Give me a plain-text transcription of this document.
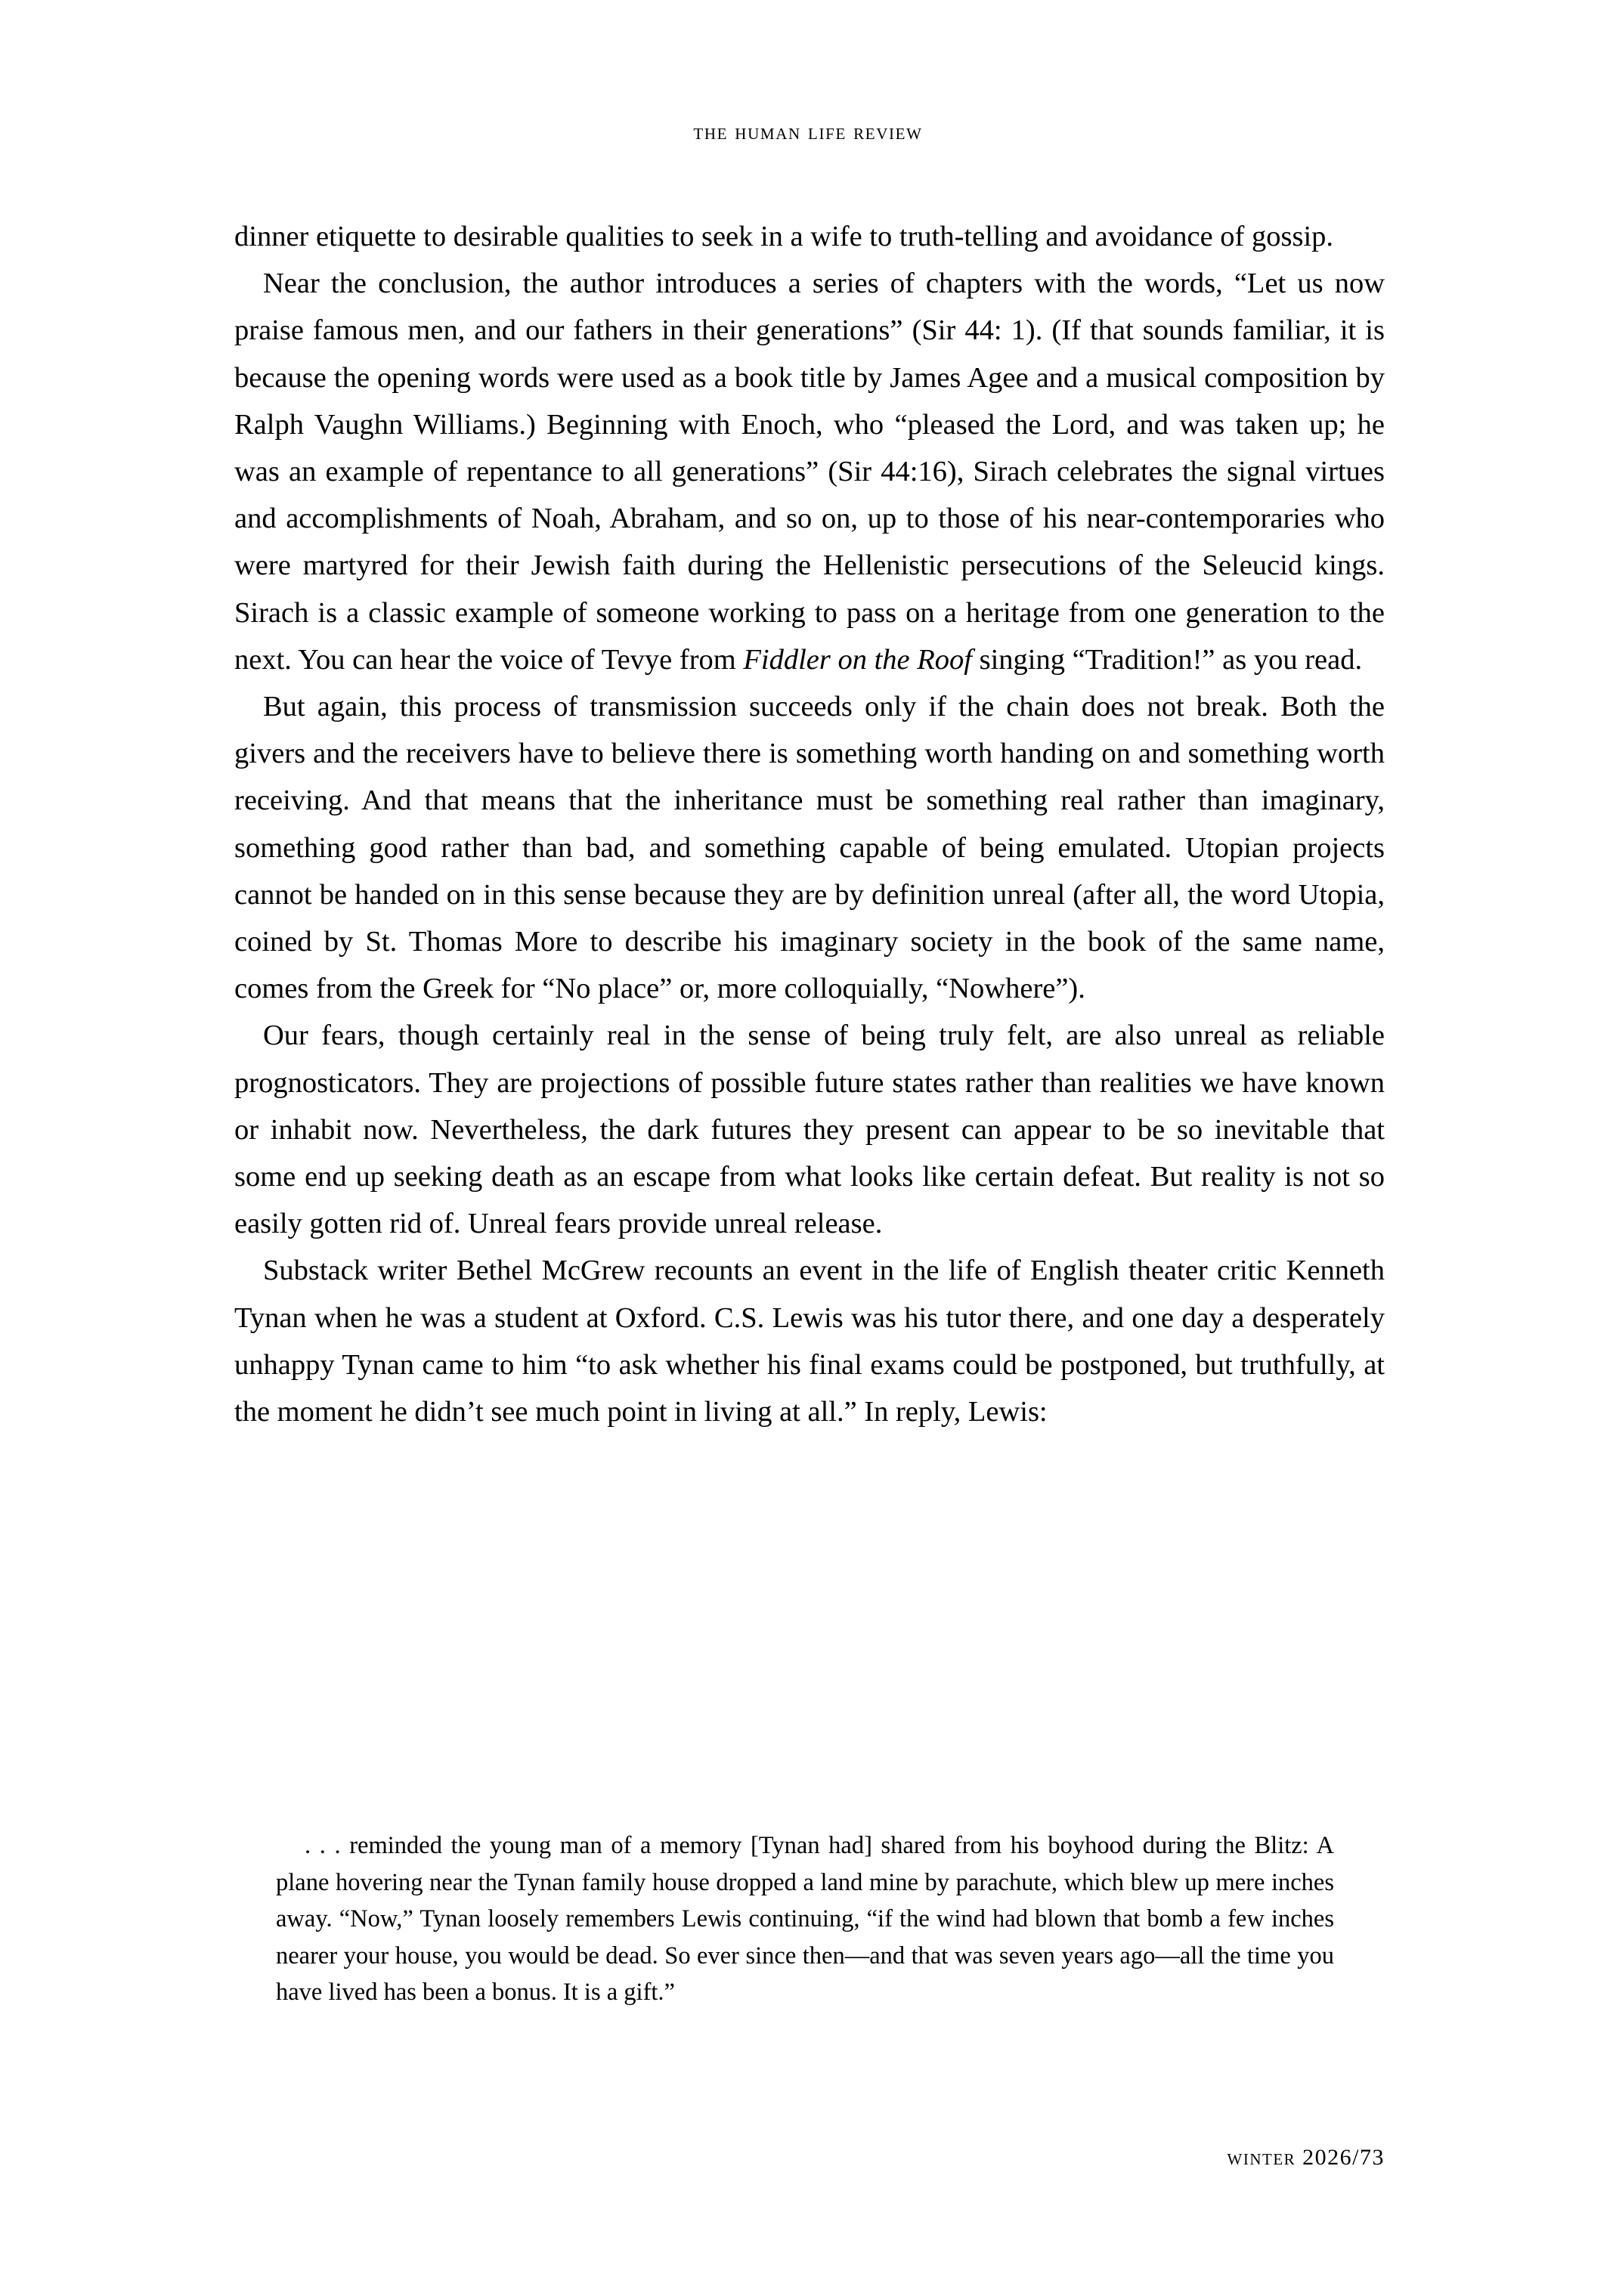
the human life review

dinner etiquette to desirable qualities to seek in a wife to truth-telling and avoidance of gossip.

Near the conclusion, the author introduces a series of chapters with the words, “Let us now praise famous men, and our fathers in their generations” (Sir 44: 1). (If that sounds familiar, it is because the opening words were used as a book title by James Agee and a musical composition by Ralph Vaughn Williams.) Beginning with Enoch, who “pleased the Lord, and was taken up; he was an example of repentance to all generations” (Sir 44:16), Sirach celebrates the signal virtues and accomplishments of Noah, Abraham, and so on, up to those of his near-contemporaries who were martyred for their Jewish faith during the Hellenistic persecutions of the Seleucid kings. Sirach is a classic example of someone working to pass on a heritage from one generation to the next. You can hear the voice of Tevye from Fiddler on the Roof singing “Tradition!” as you read.

But again, this process of transmission succeeds only if the chain does not break. Both the givers and the receivers have to believe there is something worth handing on and something worth receiving. And that means that the inheritance must be something real rather than imaginary, something good rather than bad, and something capable of being emulated. Utopian projects cannot be handed on in this sense because they are by definition unreal (after all, the word Utopia, coined by St. Thomas More to describe his imaginary society in the book of the same name, comes from the Greek for “No place” or, more colloquially, “Nowhere”).

Our fears, though certainly real in the sense of being truly felt, are also unreal as reliable prognosticators. They are projections of possible future states rather than realities we have known or inhabit now. Nevertheless, the dark futures they present can appear to be so inevitable that some end up seeking death as an escape from what looks like certain defeat. But reality is not so easily gotten rid of. Unreal fears provide unreal release.

Substack writer Bethel McGrew recounts an event in the life of English theater critic Kenneth Tynan when he was a student at Oxford. C.S. Lewis was his tutor there, and one day a desperately unhappy Tynan came to him “to ask whether his final exams could be postponed, but truthfully, at the moment he didn’t see much point in living at all.” In reply, Lewis:

. . . reminded the young man of a memory [Tynan had] shared from his boyhood during the Blitz: A plane hovering near the Tynan family house dropped a land mine by parachute, which blew up mere inches away. “Now,” Tynan loosely remembers Lewis continuing, “if the wind had blown that bomb a few inches nearer your house, you would be dead. So ever since then—and that was seven years ago—all the time you have lived has been a bonus. It is a gift.”

winter 2026/73
